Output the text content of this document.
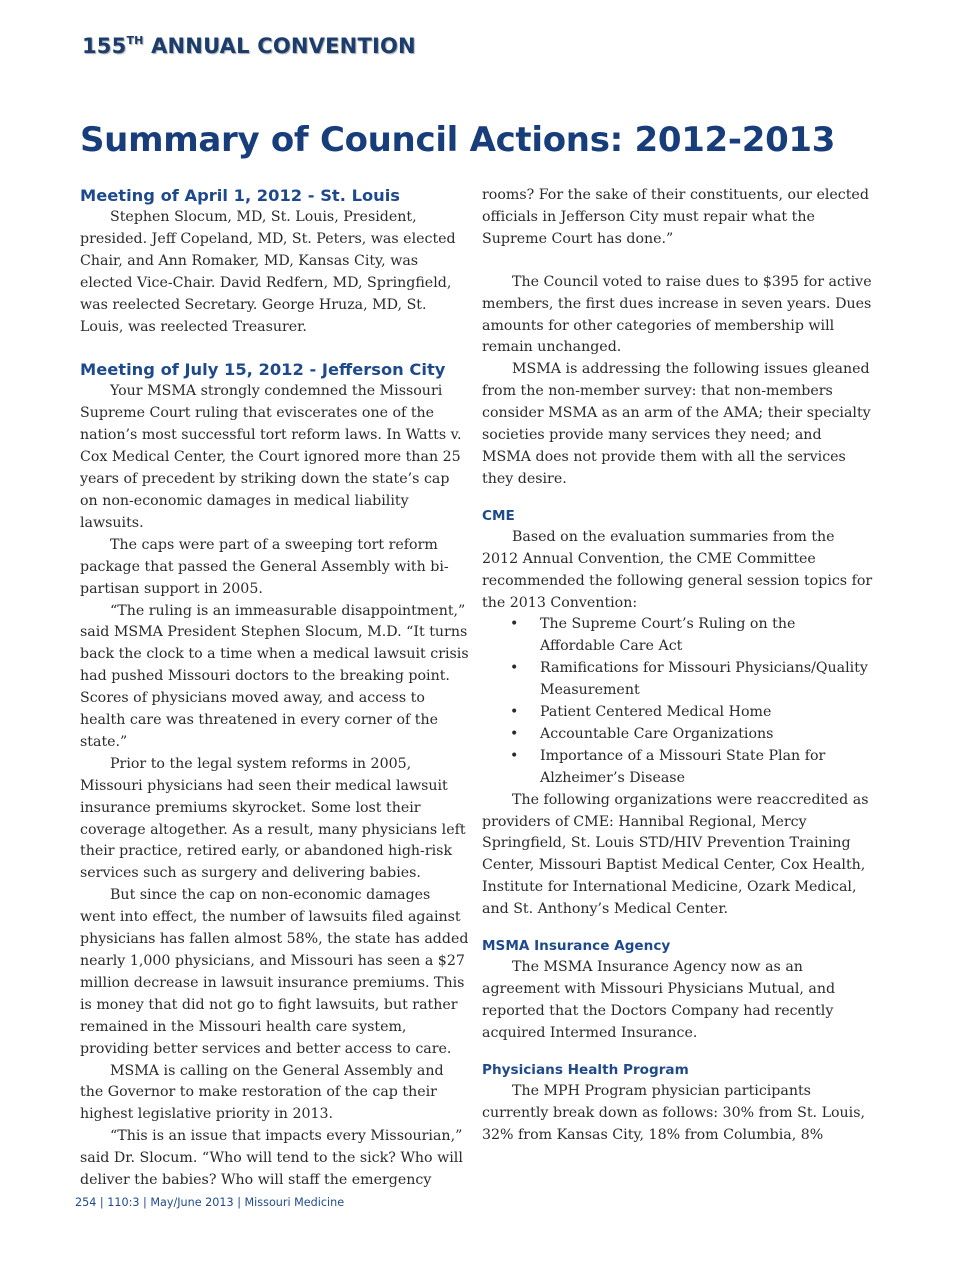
155TH ANNUAL CONVENTION
Summary of Council Actions: 2012-2013
Meeting of April 1, 2012 - St. Louis

Stephen Slocum, MD, St. Louis, President, presided. Jeff Copeland, MD, St. Peters, was elected Chair, and Ann Romaker, MD, Kansas City, was elected Vice-Chair. David Redfern, MD, Springfield, was reelected Secretary. George Hruza, MD, St. Louis, was reelected Treasurer.

Meeting of July 15, 2012 - Jefferson City

Your MSMA strongly condemned the Missouri Supreme Court ruling that eviscerates one of the nation’s most successful tort reform laws. In Watts v. Cox Medical Center, the Court ignored more than 25 years of precedent by striking down the state’s cap on non-economic damages in medical liability lawsuits.

The caps were part of a sweeping tort reform package that passed the General Assembly with bi-partisan support in 2005.

“The ruling is an immeasurable disappointment,” said MSMA President Stephen Slocum, M.D. “It turns back the clock to a time when a medical lawsuit crisis had pushed Missouri doctors to the breaking point. Scores of physicians moved away, and access to health care was threatened in every corner of the state.”

Prior to the legal system reforms in 2005, Missouri physicians had seen their medical lawsuit insurance premiums skyrocket. Some lost their coverage altogether. As a result, many physicians left their practice, retired early, or abandoned high-risk services such as surgery and delivering babies.

But since the cap on non-economic damages went into effect, the number of lawsuits filed against physicians has fallen almost 58%, the state has added nearly 1,000 physicians, and Missouri has seen a $27 million decrease in lawsuit insurance premiums. This is money that did not go to fight lawsuits, but rather remained in the Missouri health care system, providing better services and better access to care.

MSMA is calling on the General Assembly and the Governor to make restoration of the cap their highest legislative priority in 2013.

“This is an issue that impacts every Missourian,” said Dr. Slocum. “Who will tend to the sick? Who will deliver the babies? Who will staff the emergency

rooms? For the sake of their constituents, our elected officials in Jefferson City must repair what the Supreme Court has done.”

The Council voted to raise dues to $395 for active members, the first dues increase in seven years. Dues amounts for other categories of membership will remain unchanged.

MSMA is addressing the following issues gleaned from the non-member survey: that non-members consider MSMA as an arm of the AMA; their specialty societies provide many services they need; and MSMA does not provide them with all the services they desire.

CME

Based on the evaluation summaries from the 2012 Annual Convention, the CME Committee recommended the following general session topics for the 2013 Convention:

• The Supreme Court’s Ruling on the Affordable Care Act
• Ramifications for Missouri Physicians/Quality Measurement
• Patient Centered Medical Home
• Accountable Care Organizations
• Importance of a Missouri State Plan for Alzheimer’s Disease

The following organizations were reaccredited as providers of CME: Hannibal Regional, Mercy Springfield, St. Louis STD/HIV Prevention Training Center, Missouri Baptist Medical Center, Cox Health, Institute for International Medicine, Ozark Medical, and St. Anthony’s Medical Center.

MSMA Insurance Agency

The MSMA Insurance Agency now as an agreement with Missouri Physicians Mutual, and reported that the Doctors Company had recently acquired Intermed Insurance.

Physicians Health Program

The MPH Program physician participants currently break down as follows: 30% from St. Louis, 32% from Kansas City, 18% from Columbia, 8%

254 | 110:3 | May/June 2013 | Missouri Medicine
